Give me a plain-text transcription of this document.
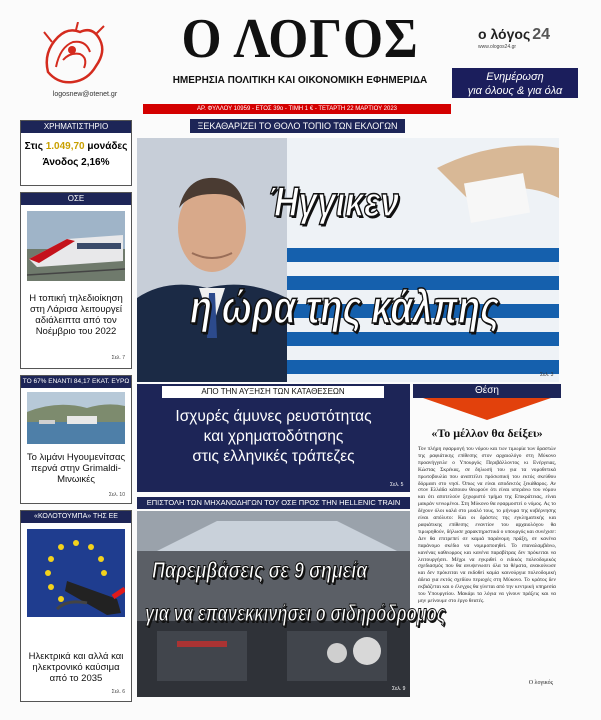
logosnew@otenet.gr
Ο ΛΟΓΟΣ
ΗΜΕΡΗΣΙΑ ΠΟΛΙΤΙΚΗ ΚΑΙ ΟΙΚΟΝΟΜΙΚΗ ΕΦΗΜΕΡΙΔΑ
ο λόγος 24
www.ologos24.gr
Ενημέρωση
για όλους & για όλα
ΑΡ. ΦΥΛΛΟΥ 10959 - ΕΤΟΣ 39ο - ΤΙΜΗ 1 € - ΤΕΤΑΡΤΗ 22 ΜΑΡΤΙΟΥ 2023
ΞΕΚΑΘΑΡΙΖΕΙ ΤΟ ΘΟΛΟ ΤΟΠΙΟ ΤΩΝ ΕΚΛΟΓΩΝ
ΧΡΗΜΑΤΙΣΤΗΡΙΟ
Στις 1.049,70 μονάδες
Άνοδος 2,16%
ΟΣΕ
Η τοπική τηλεδιοίκηση στη Λάρισα λειτουργεί αδιάλειπτα από τον Νοέμβριο του 2022
Σελ. 7
ΤΟ 67% ΕΝΑΝΤΙ 84,17 ΕΚΑΤ. ΕΥΡΩ
Το λιμάνι Ηγουμενίτσας περνά στην Grimaldi-Μινωικές
Σελ. 10
«ΚΟΛΟΤΟΥΜΠΑ» ΤΗΣ ΕΕ
Ηλεκτρικά και αλλά και ηλεκτρονικό καύσιμα από το 2035
Σελ. 6
Ήγγικεν
η ώρα της κάλπης
Σελ. 3
ΑΠΟ ΤΗΝ ΑΥΞΗΣΗ ΤΩΝ ΚΑΤΑΘΕΣΕΩΝ
Ισχυρές άμυνες ρευστότητας
και χρηματοδότησης
στις ελληνικές τράπεζες
Σελ. 5
Θέση
«Το μέλλον θα δείξει»
Τον πλήρη εφαρμογή του νόμου και των τιμωρία των δραστών της ραφιάτικης επίθεσης στον αρχαιολόγο στη Μύκονο προανήγγειλε ο Υπουργός Περιβάλλοντος κι Ενέργειας, Κώστας Σκρέκας, σε δηλωσή του για τα νομοθετικά πρωτοβουλία που αναπτέλει πρόσωπική του εκτός σκεύθου δόρμασι στο νησί. Όπως να είναι αποδεκτός ξεκάθαρος. Αν στον Ελλάδα κάποιου θεωρούν ότι είναι υπεράνω του νόμου και ότι αποτελούν ξεχωριστό τμήμα της Επικράτειας, είναι μακράν νενωμένοι. Στη Μύκονο θα εφαρμοστεί ο νόμος. Ας το δέχουν όλοι καλά στο μυαλό τους, το μήνυμα της κυβέρνησης είναι απόλυτο: Και οι δράστες της εγκληματικής και ραφιάτικης επίθεσης εναντίον του αρχαιολόγου θα τιμωρηθούν, δήλωσε χαρακτηριστικά ο υπουργός και συνέχισε: Δεν θα επιτρεπεί σε καμιά παράνομη πράξη, σε κανένα παράνομο σκέδιο να νομιμοποιηθεί. Το επαναλαμβάνω, κανένας καθεωρρος και κανένα παραβίτρας δεν πρόκειται να λειτουργήσει. Μέχρι να εγκριθεί ο ειδικός πολεοδομικός σχεδιασμός που θα ανυψενωσει όλα τα θέματα, ανακοίνωσε και δεν πρόκειται να εκδοθεί καμία καινούργια πολεοδομική άδεια για εκτός σχεδίου περιοχές στη Μύκονο. Το κράτος δεν εκβιάζεται και ο έλεγχος θα γίνεται από την κεντρική υπηρεσία του Υπουργείου. Μακάρι τα λόγια να γίνουν πράξεις και να μην μείνουμε στο έργο θεατές.
Ο λογικός
ΕΠΙΣΤΟΛΗ ΤΩΝ ΜΗΧΑΝΟΔΗΓΩΝ ΤΟΥ ΟΣΕ ΠΡΟΣ ΤΗΝ HELLENIC TRAIN
Παρεμβάσεις σε 9 σημεία
για να επανεκκινήσει ο σιδηρόδρομος
Σελ. 9
